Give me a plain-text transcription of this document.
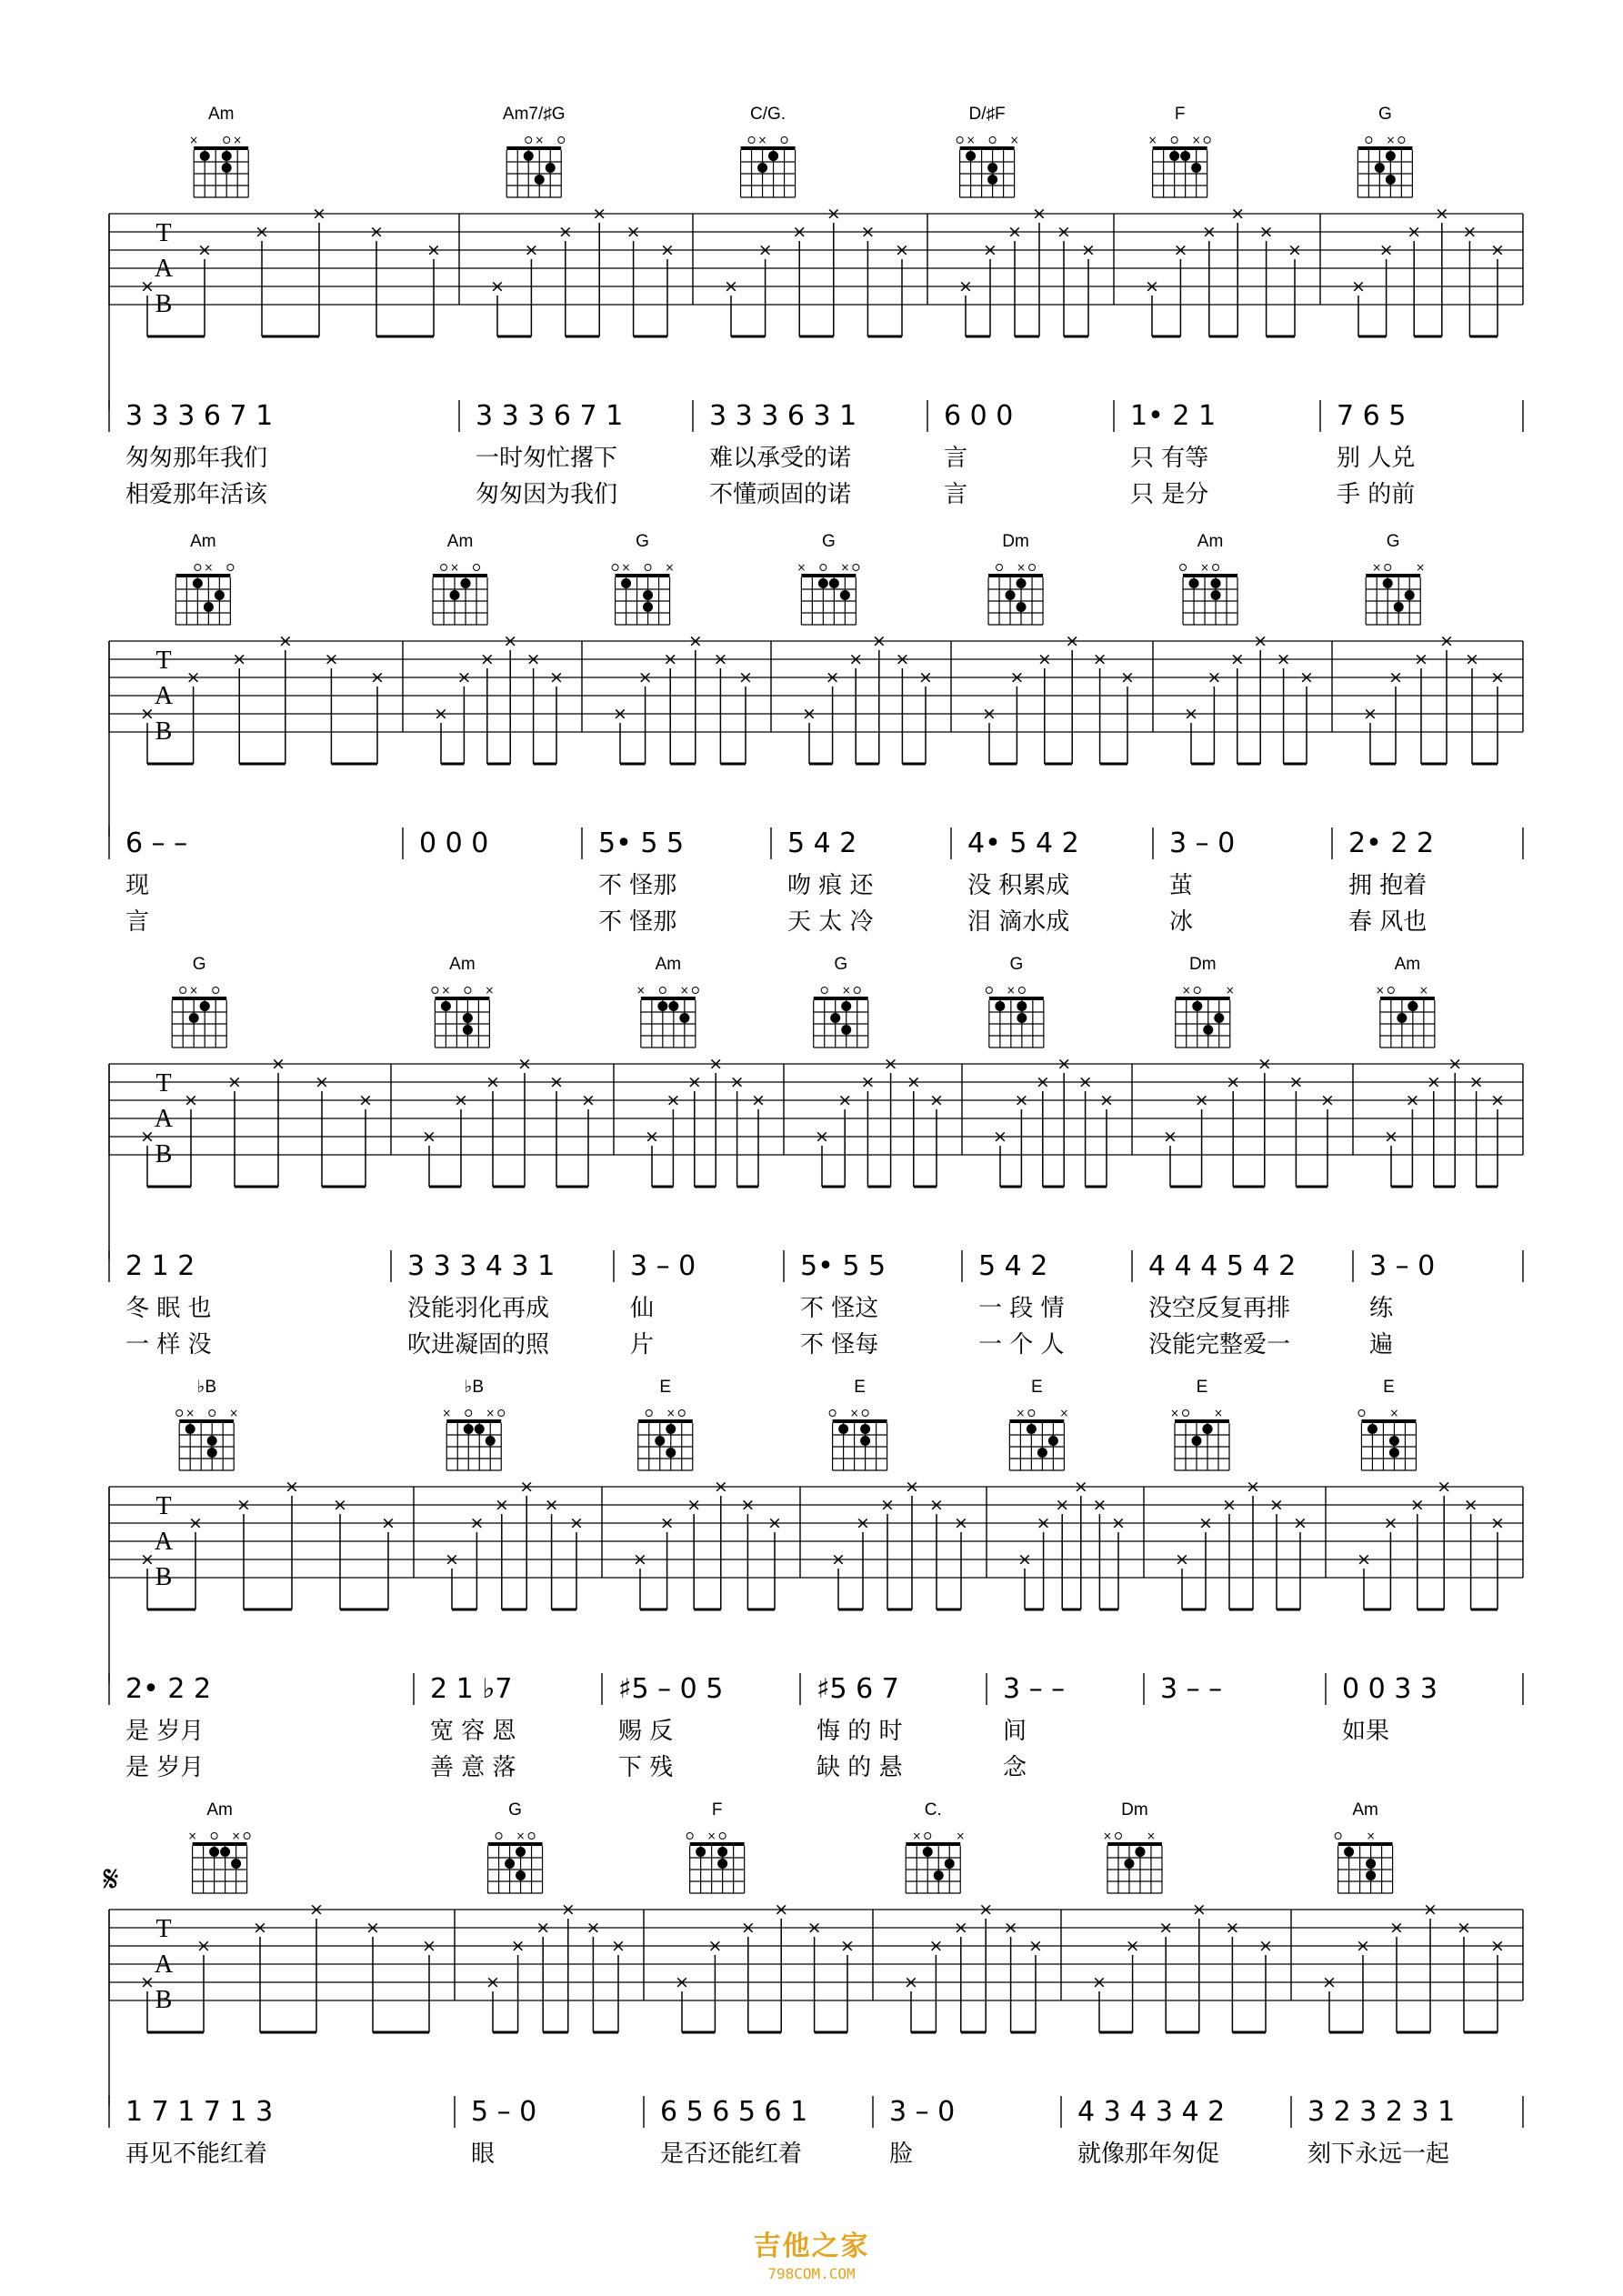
T
A
B
Am
×	×
×
×
×
×
×
×
3 3 3 6 7 1
匆匆那年我们
相爱那年活该
Am7/♯G
×
×
×
×
×
×
×
3 3 3 6 7 1
一时匆忙撂下
匆匆因为我们
C/G.
×
×
×
×
×
×
×
3 3 3 6 3 1
难以承受的诺
不懂顽固的诺
D/♯F
×	×
×
×
×
×
×
×
6 0 0
言
言
F
×	×
×
×
×
×
×
×
1• 2 1
只 有等
只 是分
G
×
×
×
×
×
×
×
7 6 5
别 人兑
手 的前
T
A
B
Am
×
×
×
×
×
×
×
6 – –
现
言
Am
×
×
×
×
×
×
×
0 0 0
G
×	×
×
×
×
×
×
×
5• 5 5
不 怪那
不 怪那
G
×	×
×
×
×
×
×
×
5 4 2
吻 痕 还
天 太 冷
Dm
×
×
×
×
×
×
×
4• 5 4 2
没 积累成
泪 滴水成
Am
×
×
×
×
×
×
×
3 – 0
茧
冰
G
×	×
×
×
×
×
×
×
2• 2 2
拥 抱着
春 风也
T
A
B
G
×
×
×
×
×
×
×
2 1 2
冬 眠 也
一 样 没
Am
×	×
×
×
×
×
×
×
3 3 3 4 3 1
没能羽化再成
吹进凝固的照
Am
×	×
×
×
×
×
×
×
3 – 0
仙
片
G
×
×
×
×
×
×
×
5• 5 5
不 怪这
不 怪每
G
×
×
×
×
×
×
×
5 4 2
一 段 情
一 个 人
Dm
×	×
×
×
×
×
×
×
4 4 4 5 4 2
没空反复再排
没能完整爱一
Am
×	×
×
×
×
×
×
×
3 – 0
练
遍
T
A
B
♭B
×	×
×
×
×
×
×
×
2• 2 2
是 岁月
是 岁月
♭B
×	×
×
×
×
×
×
×
2 1 ♭7
宽 容 恩
善 意 落
E
×
×
×
×
×
×
×
♯5 – 0 5
赐 反
下 残
E
×
×
×
×
×
×
×
♯5 6 7
悔 的 时
缺 的 悬
E
×	×
×
×
×
×
×
×
3 – –
间
念
E
×	×
×
×
×
×
×
×
3 – –
E
×
×
×
×
×
×
×
0 0 3 3
如果
T
A
B
Am
×	×
×
×
×
×
×
×
1 7 1 7 1 3
再见不能红着
G
×
×
×
×
×
×
×
5 – 0
眼
F
×
×
×
×
×
×
×
6 5 6 5 6 1
是否还能红着
C.
×	×
×
×
×
×
×
×
3 – 0
脸
Dm
×	×
×
×
×
×
×
×
4 3 4 3 4 2
就像那年匆促
Am
×
×
×
×
×
×
×
3 2 3 2 3 1
刻下永远一起
𝄋
吉他之家
798COM.COM
